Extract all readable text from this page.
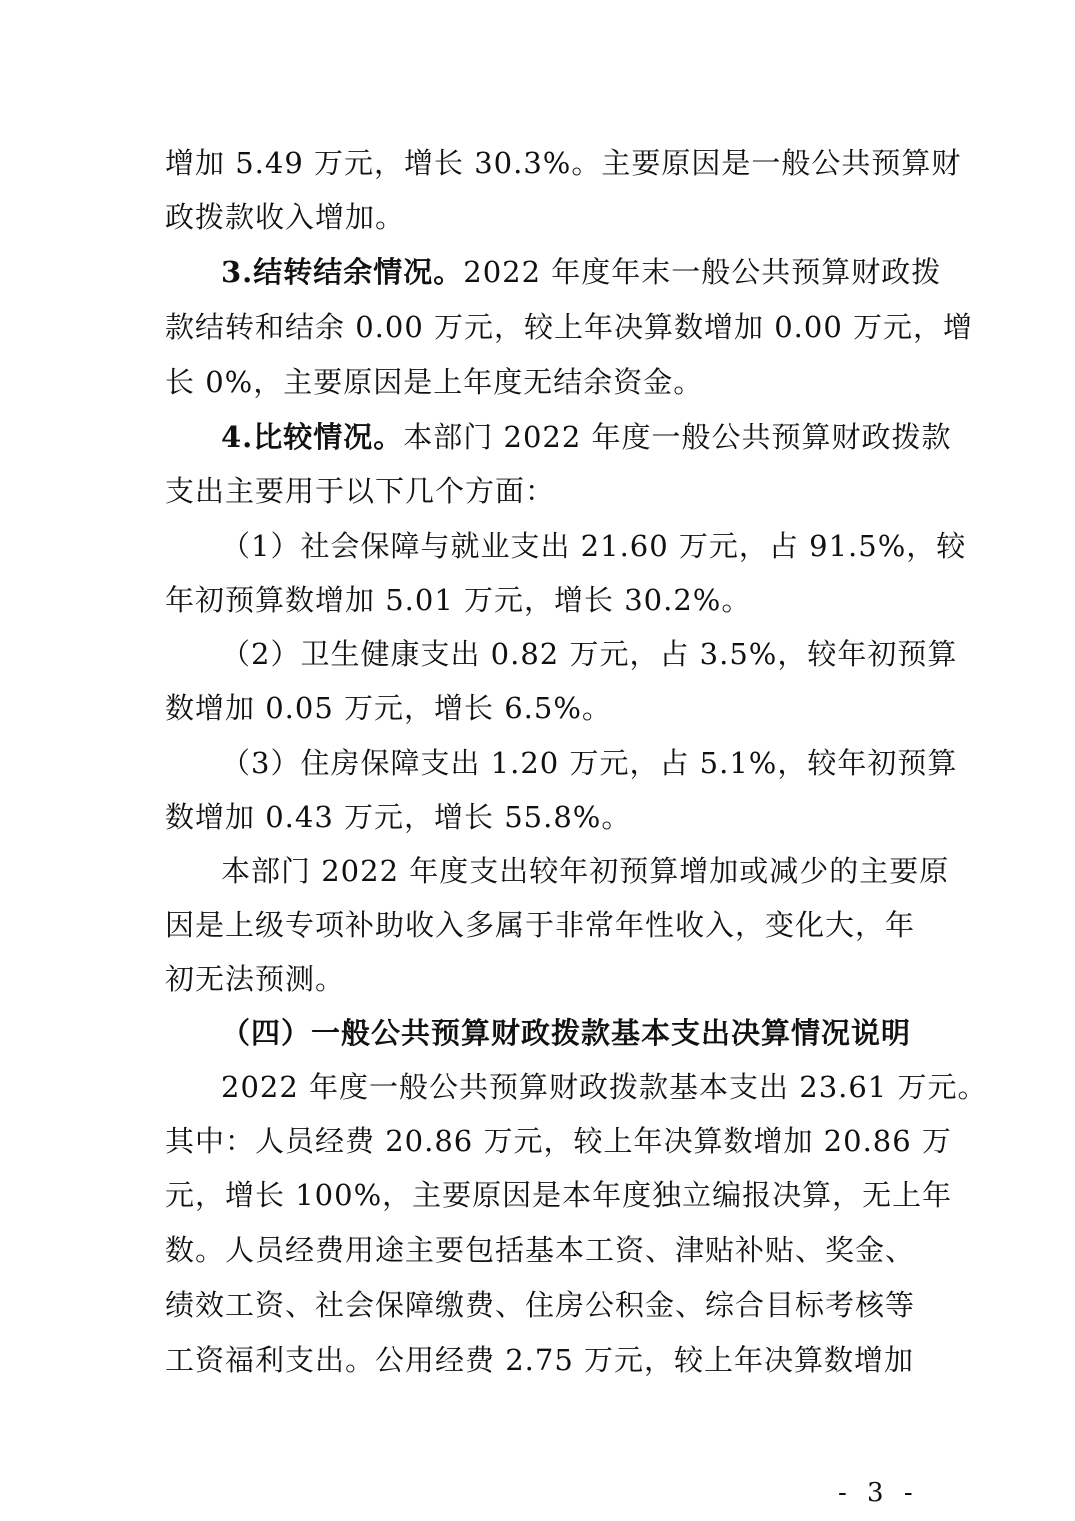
增加 5.49 万元，增长 30.3%。主要原因是一般公共预算财
政拨款收入增加。
3.结转结余情况。2022 年度年末一般公共预算财政拨
款结转和结余 0.00 万元，较上年决算数增加 0.00 万元，增
长 0%，主要原因是上年度无结余资金。
4.比较情况。本部门 2022 年度一般公共预算财政拨款
支出主要用于以下几个方面：
（1）社会保障与就业支出 21.60 万元，占 91.5%，较
年初预算数增加 5.01 万元，增长 30.2%。
（2）卫生健康支出 0.82 万元，占 3.5%，较年初预算
数增加 0.05 万元，增长 6.5%。
（3）住房保障支出 1.20 万元，占 5.1%，较年初预算
数增加 0.43 万元，增长 55.8%。
本部门 2022 年度支出较年初预算增加或减少的主要原
因是上级专项补助收入多属于非常年性收入，变化大，年
初无法预测。
（四）一般公共预算财政拨款基本支出决算情况说明
2022 年度一般公共预算财政拨款基本支出 23.61 万元。
其中：人员经费 20.86 万元，较上年决算数增加 20.86 万
元，增长 100%，主要原因是本年度独立编报决算，无上年
数。人员经费用途主要包括基本工资、津贴补贴、奖金、
绩效工资、社会保障缴费、住房公积金、综合目标考核等
工资福利支出。公用经费 2.75 万元，较上年决算数增加
- 3 -
